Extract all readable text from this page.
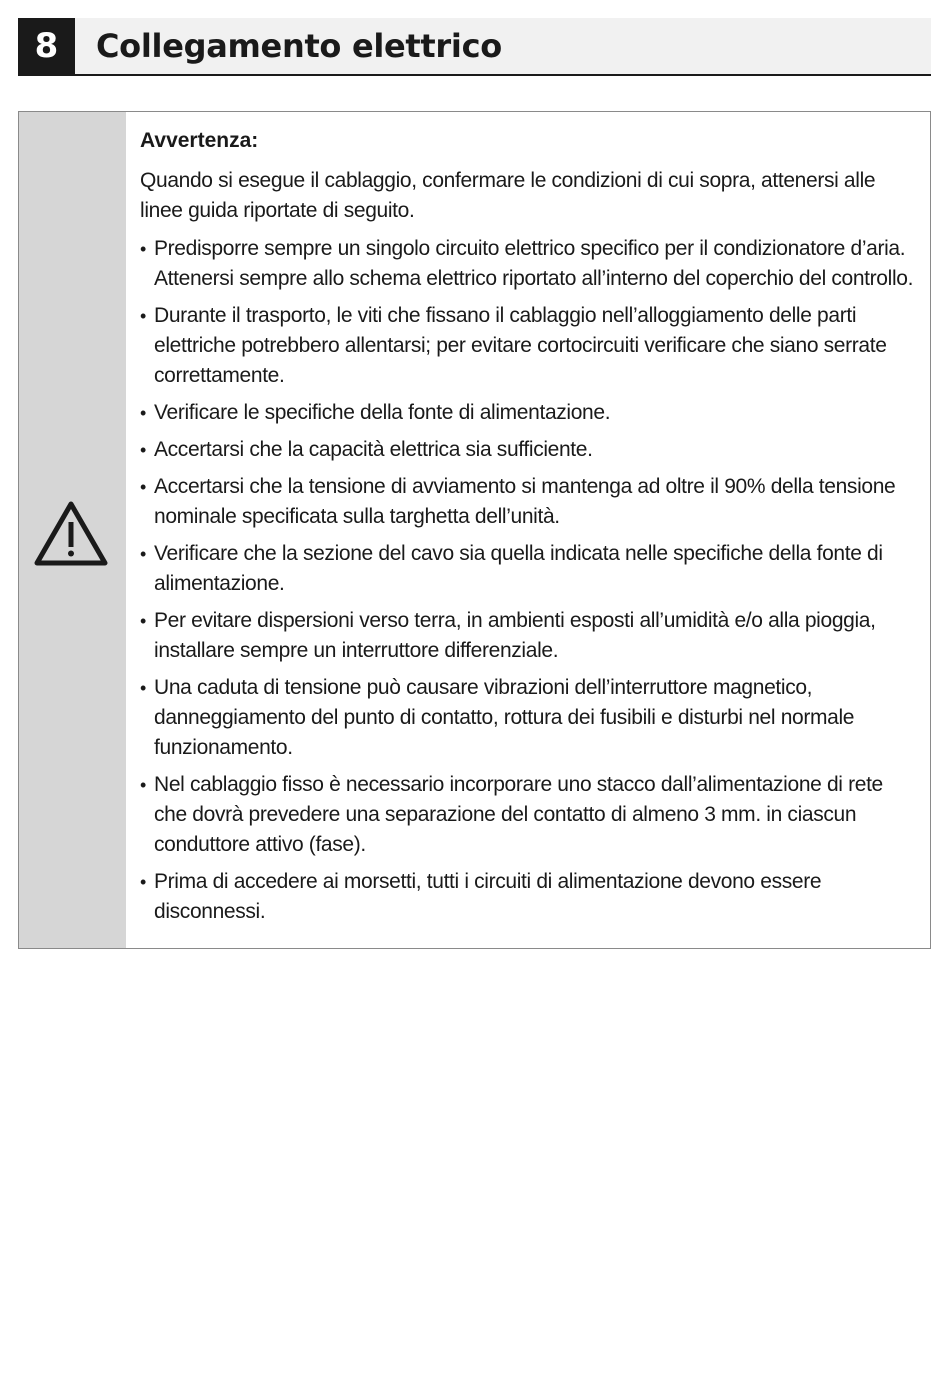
8	Collegamento elettrico
Avvertenza:
Quando si esegue il cablaggio, confermare le condizioni di cui sopra, attenersi alle linee guida riportate di seguito.
• Predisporre sempre un singolo circuito elettrico specifico per il condizionatore d’aria. Attenersi sempre allo schema elettrico riportato all’interno del coperchio del controllo.
• Durante il trasporto, le viti che fissano il cablaggio nell’alloggiamento delle parti elettriche potrebbero allentarsi; per evitare cortocircuiti verificare che siano serrate correttamente.
• Verificare le specifiche della fonte di alimentazione.
• Accertarsi che la capacità elettrica sia sufficiente.
• Accertarsi che la tensione di avviamento si mantenga ad oltre il 90% della tensione nominale specificata sulla targhetta dell’unità.
• Verificare che la sezione del cavo sia quella indicata nelle specifiche della fonte di alimentazione.
• Per evitare dispersioni verso terra, in ambienti esposti all’umidità e/o alla pioggia, installare sempre un interruttore differenziale.
• Una caduta di tensione può causare vibrazioni dell’interruttore magnetico, danneggiamento del punto di contatto, rottura dei fusibili e disturbi nel normale funzionamento.
• Nel cablaggio fisso è necessario incorporare uno stacco dall’alimentazione di rete che dovrà prevedere una separazione del contatto di almeno 3 mm. in ciascun conduttore attivo (fase).
• Prima di accedere ai morsetti, tutti i circuiti di alimentazione devono essere disconnessi.
